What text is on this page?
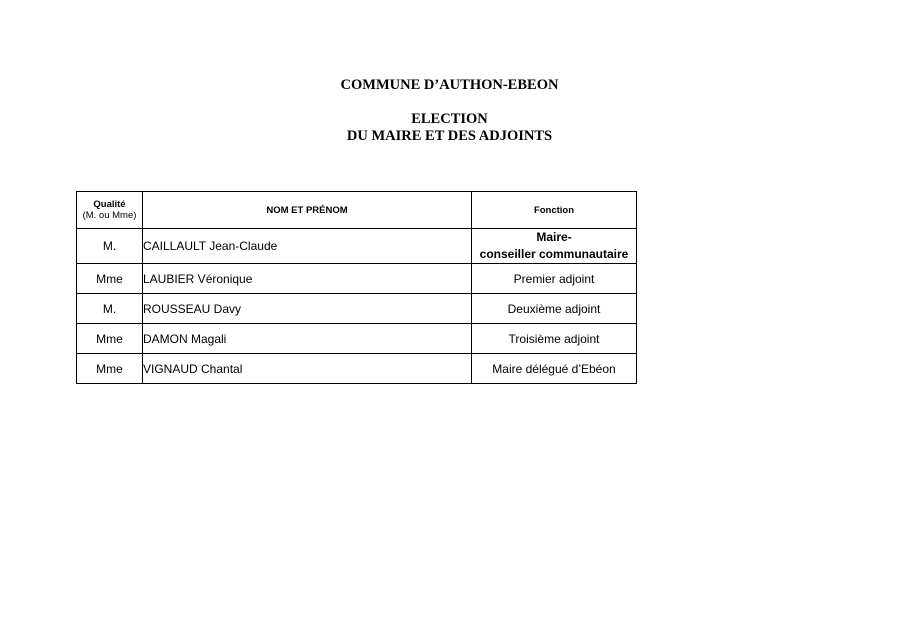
COMMUNE D’AUTHON-EBEON
ELECTION
DU MAIRE ET DES ADJOINTS
Qualité
(M. ou Mme)	NOM ET PRÉNOM	Fonction
M.	CAILLAULT Jean-Claude	Maire-
conseiller communautaire

Mme	LAUBIER Véronique	Premier adjoint
M.	ROUSSEAU Davy	Deuxième adjoint
Mme	DAMON Magali	Troisième adjoint
Mme	VIGNAUD Chantal	Maire délégué d’Ebéon
